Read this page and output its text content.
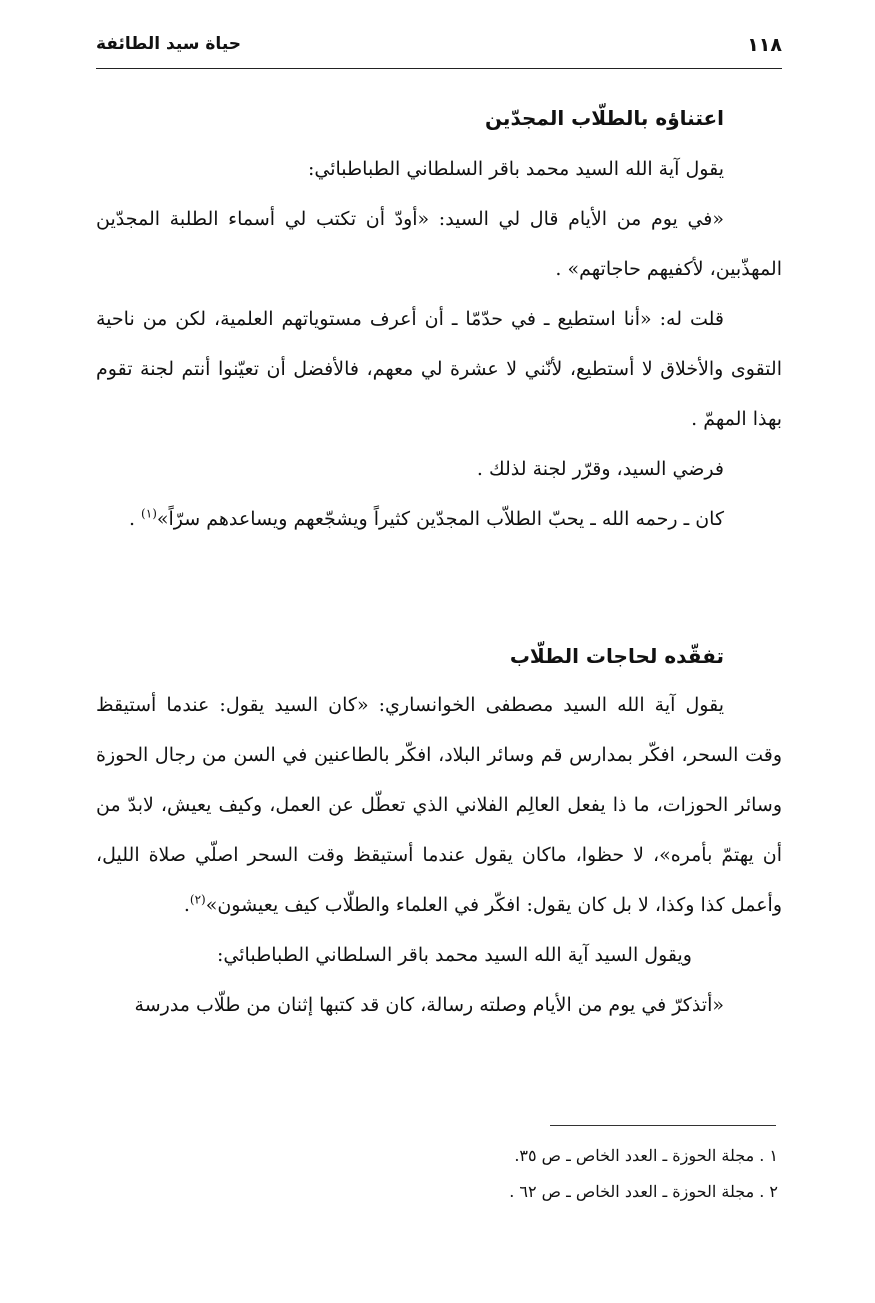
١١٨
حياة سيد الطائفة
اعتناؤه بالطلّاب المجدّين

يقول آية الله السيد محمد باقر السلطاني الطباطبائي:

«في يوم من الأيام قال لي السيد: «أودّ أن تكتب لي أسماء الطلبة المجدّين المهذّبين، لأكفيهم حاجاتهم» .

قلت له: «أنا استطيع ـ في حدّمّا ـ أن أعرف مستوياتهم العلمية، لكن من ناحية التقوى والأخلاق لا أستطيع، لأنّني لا عشرة لي معهم، فالأفضل أن تعيّنوا أنتم لجنة تقوم بهذا المهمّ .

فرضي السيد، وقرّر لجنة لذلك .

كان ـ رحمه الله ـ يحبّ الطلاّب المجدّين كثيراً ويشجّعهم ويساعدهم سرّاً»$^{(١)}$ .

تفقّده لحاجات الطلّاب

يقول آية الله السيد مصطفى الخوانساري: «كان السيد يقول: عندما أستيقظ وقت السحر، افكّر بمدارس قم وسائر البلاد، افكّر بالطاعنين في السن من رجال الحوزة وسائر الحوزات، ما ذا يفعل العالِم الفلاني الذي تعطّل عن العمل، وكيف يعيش، لابدّ من أن يهتمّ بأمره»، لا حظوا، ماكان يقول عندما أستيقظ وقت السحر اصلّي صلاة الليل، وأعمل كذا وكذا، لا بل كان يقول: افكّر في العلماء والطلّاب كيف يعيشون»$^{(٢)}$.

ويقول السيد آية الله السيد محمد باقر السلطاني الطباطبائي:

«أتذكرّ في يوم من الأيام وصلته رسالة، كان قد كتبها إثنان من طلّاب مدرسة

١ . مجلة الحوزة ـ العدد الخاص ـ ص ٣٥.

٢ . مجلة الحوزة ـ العدد الخاص ـ ص ٦٢ .
